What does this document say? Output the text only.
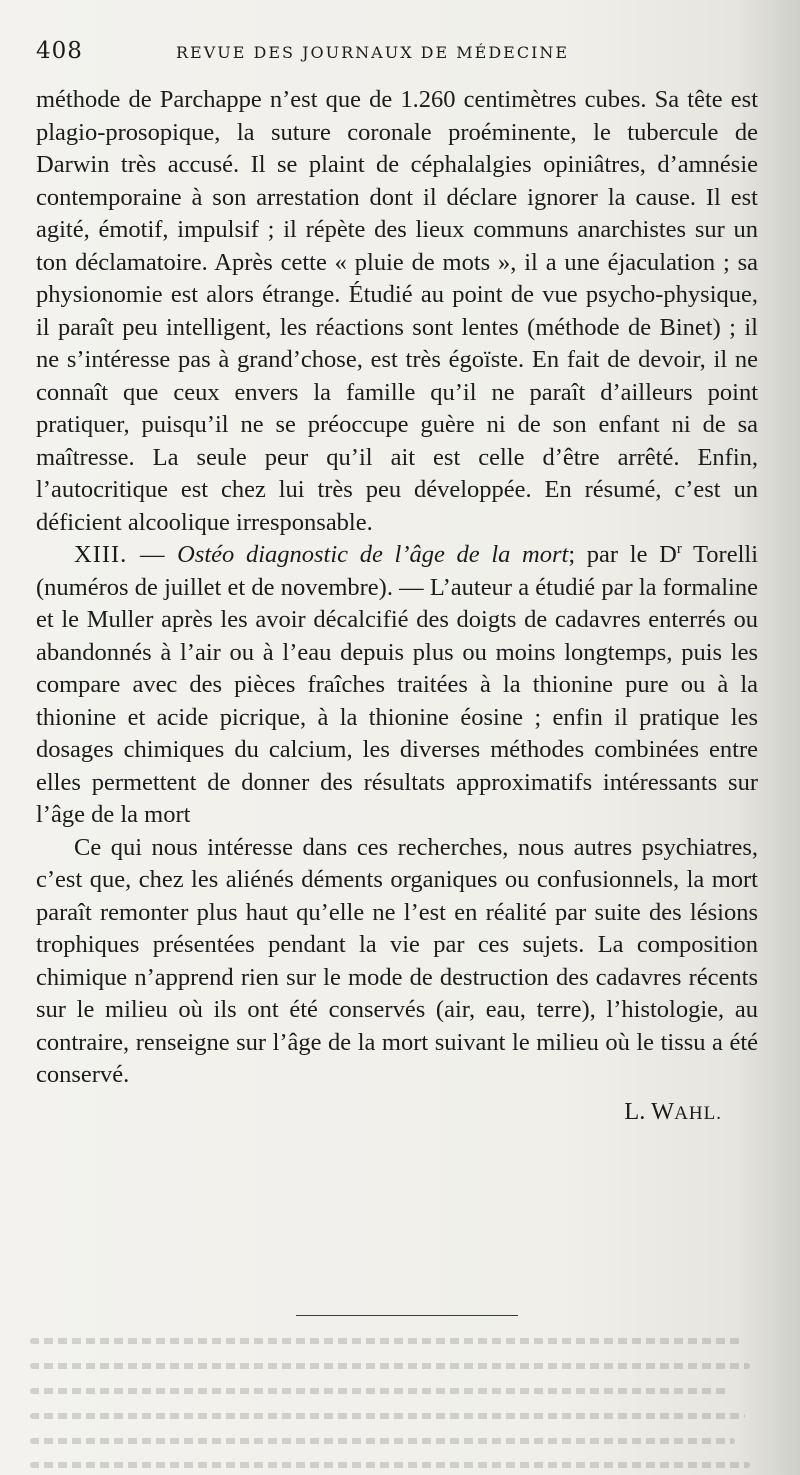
408	REVUE DES JOURNAUX DE MÉDECINE

méthode de Parchappe n’est que de 1.260 centimètres cubes. Sa tête est plagio-prosopique, la suture coronale proéminente, le tubercule de Darwin très accusé. Il se plaint de céphalalgies opiniâtres, d’amnésie contemporaine à son arrestation dont il déclare ignorer la cause. Il est agité, émotif, impulsif ; il répète des lieux communs anarchistes sur un ton déclamatoire. Après cette « pluie de mots », il a une éjaculation ; sa physionomie est alors étrange. Étudié au point de vue psycho-physique, il paraît peu intelligent, les réactions sont lentes (méthode de Binet) ; il ne s’intéresse pas à grand’chose, est très égoïste. En fait de devoir, il ne connaît que ceux envers la famille qu’il ne paraît d’ailleurs point pratiquer, puisqu’il ne se préoccupe guère ni de son enfant ni de sa maîtresse. La seule peur qu’il ait est celle d’être arrêté. Enfin, l’autocritique est chez lui très peu développée. En résumé, c’est un déficient alcoolique irresponsable.

XIII. — Ostéo diagnostic de l’âge de la mort; par le $D^r$ Torelli (numéros de juillet et de novembre). — L’auteur a étudié par la formaline et le Muller après les avoir décalcifié des doigts de cadavres enterrés ou abandonnés à l’air ou à l’eau depuis plus ou moins longtemps, puis les compare avec des pièces fraîches traitées à la thionine pure ou à la thionine et acide picrique, à la thionine éosine ; enfin il pratique les dosages chimiques du calcium, les diverses méthodes combinées entre elles permettent de donner des résultats approximatifs intéressants sur l’âge de la mort

Ce qui nous intéresse dans ces recherches, nous autres psychiatres, c’est que, chez les aliénés déments organiques ou confusionnels, la mort paraît remonter plus haut qu’elle ne l’est en réalité par suite des lésions trophiques présentées pendant la vie par ces sujets. La composition chimique n’apprend rien sur le mode de destruction des cadavres récents sur le milieu où ils ont été conservés (air, eau, terre), l’histologie, au contraire, renseigne sur l’âge de la mort suivant le milieu où le tissu a été conservé.

L. WAHL.
